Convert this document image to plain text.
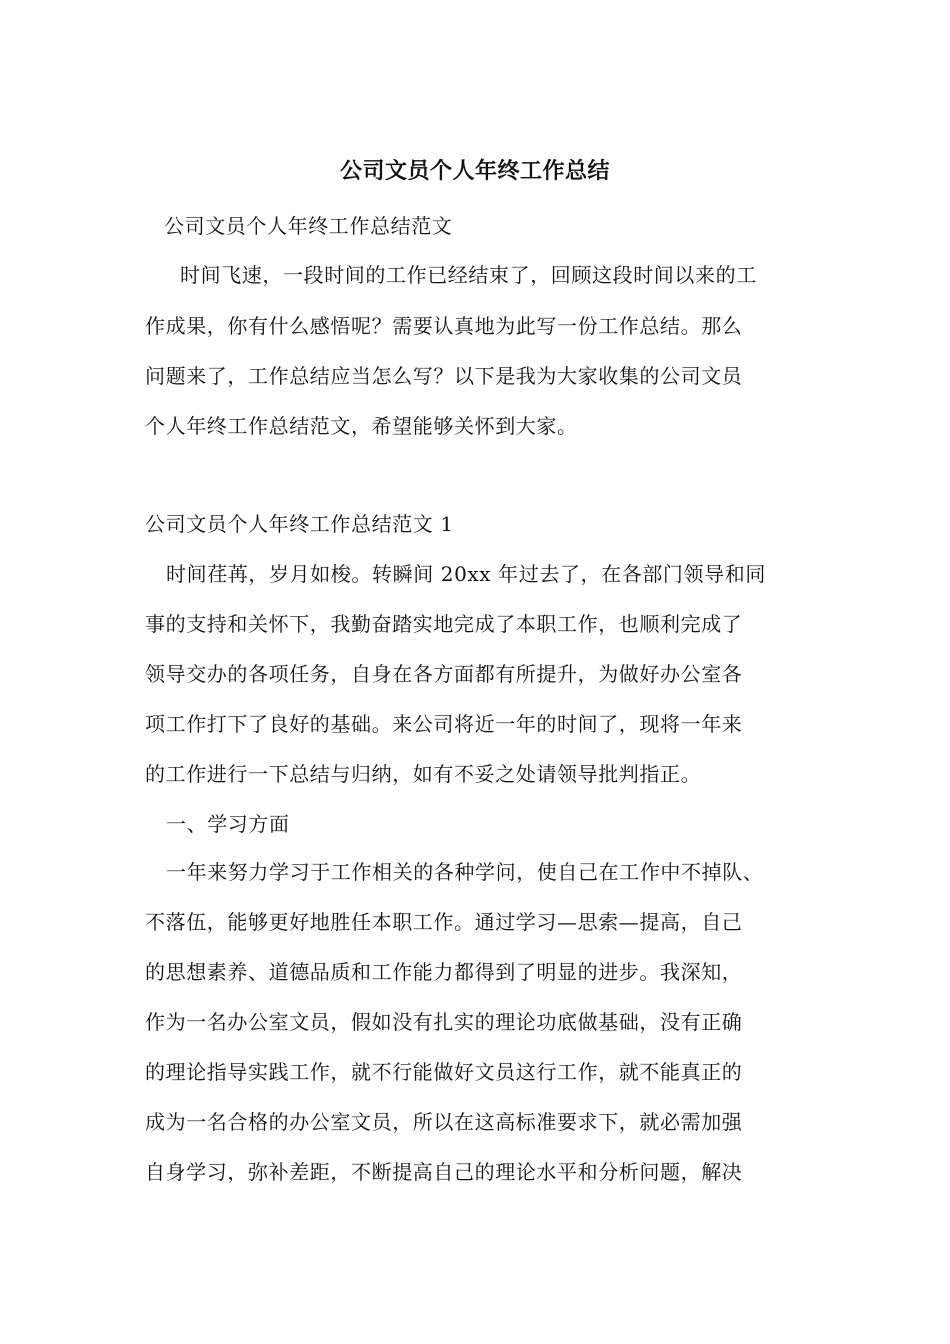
公司文员个人年终工作总结
公司文员个人年终工作总结范文
时间飞速，一段时间的工作已经结束了，回顾这段时间以来的工
作成果，你有什么感悟呢？需要认真地为此写一份工作总结。那么
问题来了，工作总结应当怎么写？以下是我为大家收集的公司文员
个人年终工作总结范文，希望能够关怀到大家。
公司文员个人年终工作总结范文 1
时间荏苒，岁月如梭。转瞬间 20xx 年过去了，在各部门领导和同
事的支持和关怀下，我勤奋踏实地完成了本职工作，也顺利完成了
领导交办的各项任务，自身在各方面都有所提升，为做好办公室各
项工作打下了良好的基础。来公司将近一年的时间了，现将一年来
的工作进行一下总结与归纳，如有不妥之处请领导批判指正。
一、学习方面
一年来努力学习于工作相关的各种学问，使自己在工作中不掉队、
不落伍，能够更好地胜任本职工作。通过学习—思索—提高，自己
的思想素养、道德品质和工作能力都得到了明显的进步。我深知，
作为一名办公室文员，假如没有扎实的理论功底做基础，没有正确
的理论指导实践工作，就不行能做好文员这行工作，就不能真正的
成为一名合格的办公室文员，所以在这高标准要求下，就必需加强
自身学习，弥补差距，不断提高自己的理论水平和分析问题，解决
